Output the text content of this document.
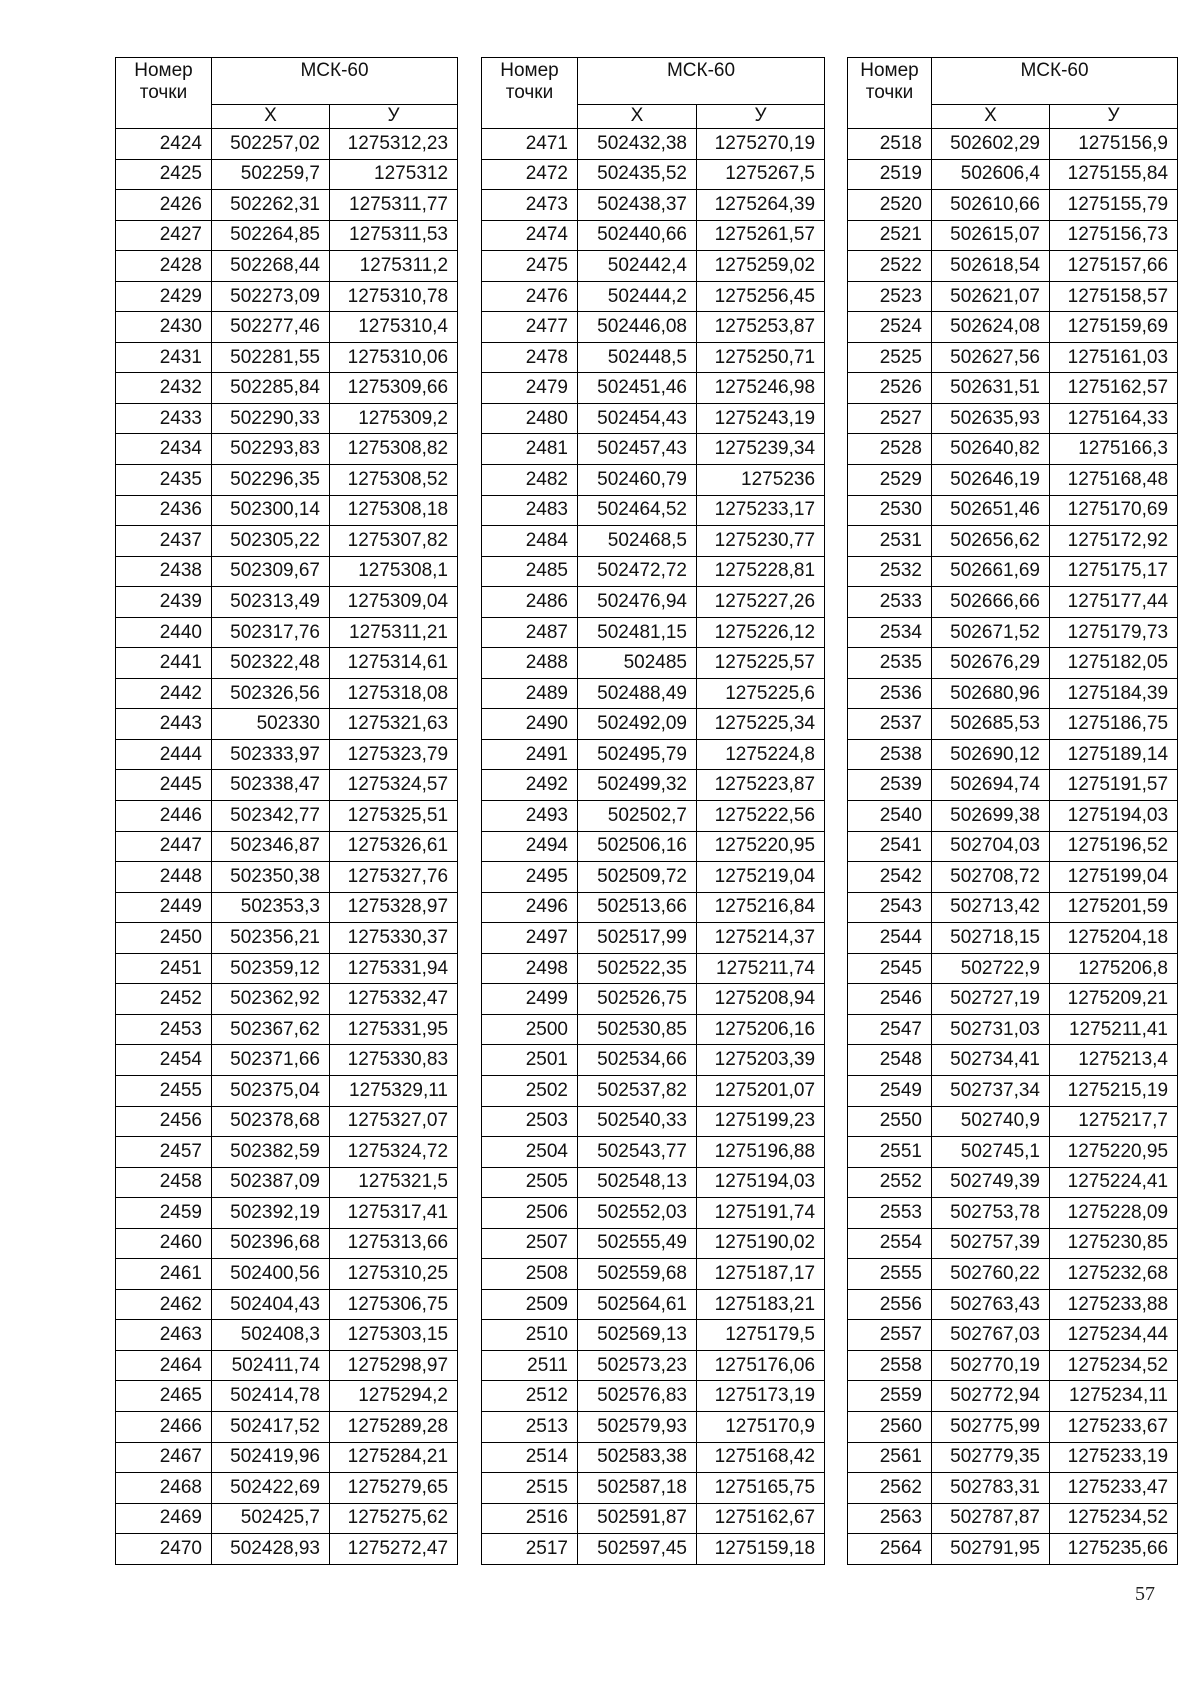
Номер точки	МСК-60	
	Х	У
2424	502257,02	1275312,23
2425	502259,7	1275312
2426	502262,31	1275311,77
2427	502264,85	1275311,53
2428	502268,44	1275311,2
2429	502273,09	1275310,78
2430	502277,46	1275310,4
2431	502281,55	1275310,06
2432	502285,84	1275309,66
2433	502290,33	1275309,2
2434	502293,83	1275308,82
2435	502296,35	1275308,52
2436	502300,14	1275308,18
2437	502305,22	1275307,82
2438	502309,67	1275308,1
2439	502313,49	1275309,04
2440	502317,76	1275311,21
2441	502322,48	1275314,61
2442	502326,56	1275318,08
2443	502330	1275321,63
2444	502333,97	1275323,79
2445	502338,47	1275324,57
2446	502342,77	1275325,51
2447	502346,87	1275326,61
2448	502350,38	1275327,76
2449	502353,3	1275328,97
2450	502356,21	1275330,37
2451	502359,12	1275331,94
2452	502362,92	1275332,47
2453	502367,62	1275331,95
2454	502371,66	1275330,83
2455	502375,04	1275329,11
2456	502378,68	1275327,07
2457	502382,59	1275324,72
2458	502387,09	1275321,5
2459	502392,19	1275317,41
2460	502396,68	1275313,66
2461	502400,56	1275310,25
2462	502404,43	1275306,75
2463	502408,3	1275303,15
2464	502411,74	1275298,97
2465	502414,78	1275294,2
2466	502417,52	1275289,28
2467	502419,96	1275284,21
2468	502422,69	1275279,65
2469	502425,7	1275275,62
2470	502428,93	1275272,47
Номер точки	МСК-60	
	Х	У
2471	502432,38	1275270,19
2472	502435,52	1275267,5
2473	502438,37	1275264,39
2474	502440,66	1275261,57
2475	502442,4	1275259,02
2476	502444,2	1275256,45
2477	502446,08	1275253,87
2478	502448,5	1275250,71
2479	502451,46	1275246,98
2480	502454,43	1275243,19
2481	502457,43	1275239,34
2482	502460,79	1275236
2483	502464,52	1275233,17
2484	502468,5	1275230,77
2485	502472,72	1275228,81
2486	502476,94	1275227,26
2487	502481,15	1275226,12
2488	502485	1275225,57
2489	502488,49	1275225,6
2490	502492,09	1275225,34
2491	502495,79	1275224,8
2492	502499,32	1275223,87
2493	502502,7	1275222,56
2494	502506,16	1275220,95
2495	502509,72	1275219,04
2496	502513,66	1275216,84
2497	502517,99	1275214,37
2498	502522,35	1275211,74
2499	502526,75	1275208,94
2500	502530,85	1275206,16
2501	502534,66	1275203,39
2502	502537,82	1275201,07
2503	502540,33	1275199,23
2504	502543,77	1275196,88
2505	502548,13	1275194,03
2506	502552,03	1275191,74
2507	502555,49	1275190,02
2508	502559,68	1275187,17
2509	502564,61	1275183,21
2510	502569,13	1275179,5
2511	502573,23	1275176,06
2512	502576,83	1275173,19
2513	502579,93	1275170,9
2514	502583,38	1275168,42
2515	502587,18	1275165,75
2516	502591,87	1275162,67
2517	502597,45	1275159,18
Номер точки	МСК-60	
	Х	У
2518	502602,29	1275156,9
2519	502606,4	1275155,84
2520	502610,66	1275155,79
2521	502615,07	1275156,73
2522	502618,54	1275157,66
2523	502621,07	1275158,57
2524	502624,08	1275159,69
2525	502627,56	1275161,03
2526	502631,51	1275162,57
2527	502635,93	1275164,33
2528	502640,82	1275166,3
2529	502646,19	1275168,48
2530	502651,46	1275170,69
2531	502656,62	1275172,92
2532	502661,69	1275175,17
2533	502666,66	1275177,44
2534	502671,52	1275179,73
2535	502676,29	1275182,05
2536	502680,96	1275184,39
2537	502685,53	1275186,75
2538	502690,12	1275189,14
2539	502694,74	1275191,57
2540	502699,38	1275194,03
2541	502704,03	1275196,52
2542	502708,72	1275199,04
2543	502713,42	1275201,59
2544	502718,15	1275204,18
2545	502722,9	1275206,8
2546	502727,19	1275209,21
2547	502731,03	1275211,41
2548	502734,41	1275213,4
2549	502737,34	1275215,19
2550	502740,9	1275217,7
2551	502745,1	1275220,95
2552	502749,39	1275224,41
2553	502753,78	1275228,09
2554	502757,39	1275230,85
2555	502760,22	1275232,68
2556	502763,43	1275233,88
2557	502767,03	1275234,44
2558	502770,19	1275234,52
2559	502772,94	1275234,11
2560	502775,99	1275233,67
2561	502779,35	1275233,19
2562	502783,31	1275233,47
2563	502787,87	1275234,52
2564	502791,95	1275235,66
57
